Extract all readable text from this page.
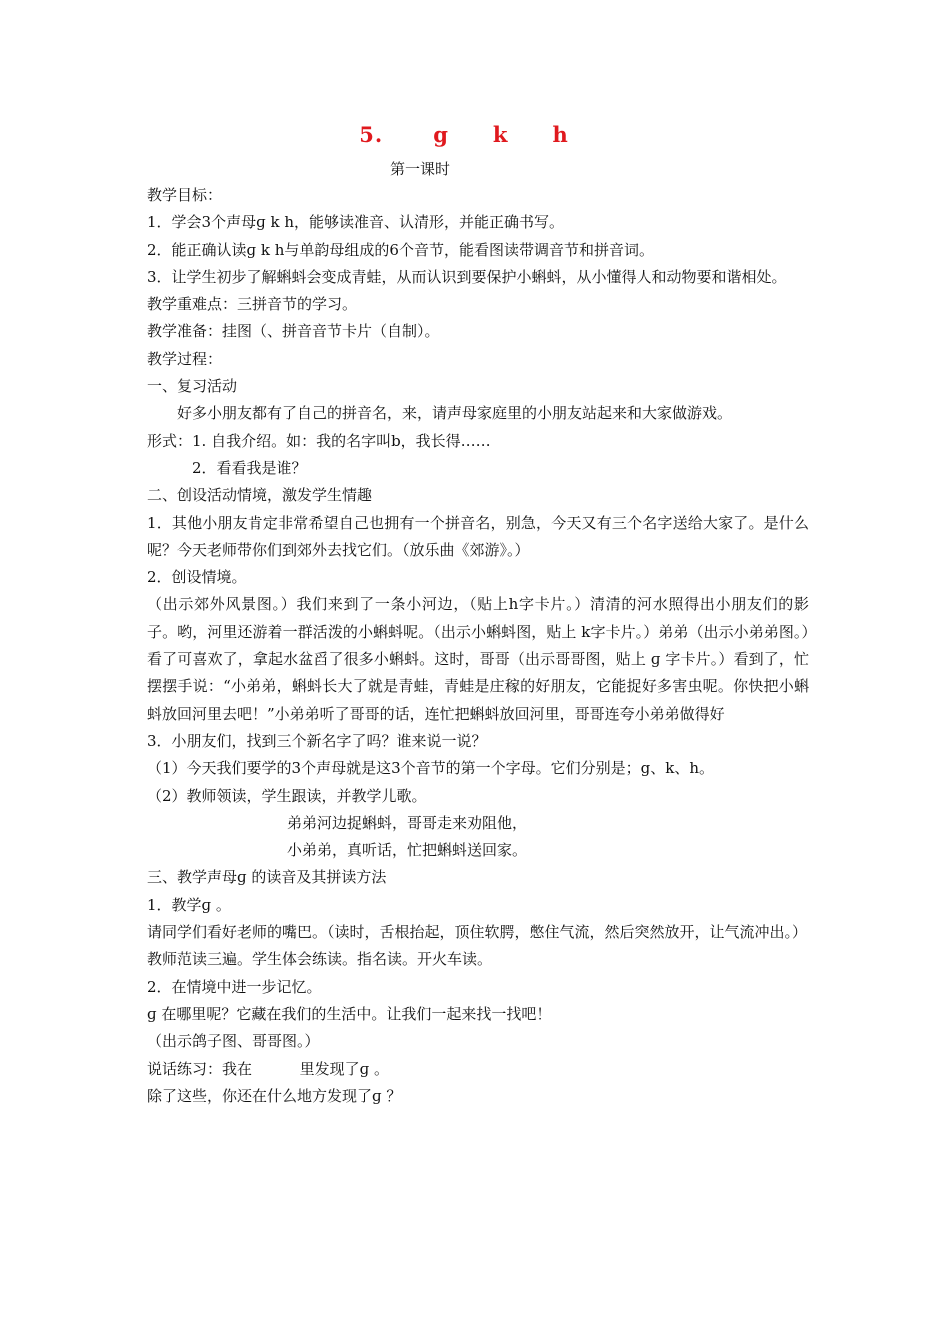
5. g k h
第一课时
教学目标：
1．学会3个声母ɡ k h，能够读准音、认清形，并能正确书写。
2．能正确认读ɡ k h与单韵母组成的6个音节，能看图读带调音节和拼音词。
3．让学生初步了解蝌蚪会变成青蛙，从而认识到要保护小蝌蚪，从小懂得人和动物要和谐相处。
教学重难点：三拼音节的学习。
教学准备：挂图（、拼音音节卡片（自制）。
教学过程：
一、复习活动
好多小朋友都有了自己的拼音名，来，请声母家庭里的小朋友站起来和大家做游戏。
形式：1. 自我介绍。如：我的名字叫b，我长得……
2．看看我是谁？
二、创设活动情境，激发学生情趣
1．其他小朋友肯定非常希望自己也拥有一个拼音名，别急，今天又有三个名字送给大家了。是什么呢？今天老师带你们到郊外去找它们。（放乐曲《郊游》。）
2．创设情境。
（出示郊外风景图。）我们来到了一条小河边，（贴上h字卡片。）清清的河水照得出小朋友们的影子。哟，河里还游着一群活泼的小蝌蚪呢。（出示小蝌蚪图，贴上 k字卡片。）弟弟（出示小弟弟图。）看了可喜欢了，拿起水盆舀了很多小蝌蚪。这时，哥哥（出示哥哥图，贴上 ɡ 字卡片。）看到了，忙摆摆手说：“小弟弟，蝌蚪长大了就是青蛙，青蛙是庄稼的好朋友，它能捉好多害虫呢。你快把小蝌蚪放回河里去吧！”小弟弟听了哥哥的话，连忙把蝌蚪放回河里，哥哥连夸小弟弟做得好
3．小朋友们，找到三个新名字了吗？谁来说一说？
（1）今天我们要学的3个声母就是这3个音节的第一个字母。它们分别是；g、k、h。
（2）教师领读，学生跟读，并教学儿歌。
弟弟河边捉蝌蚪，哥哥走来劝阻他，
小弟弟，真听话，忙把蝌蚪送回家。
三、教学声母ɡ 的读音及其拼读方法
1．教学ɡ 。
请同学们看好老师的嘴巴。（读时，舌根抬起，顶住软腭，憋住气流，然后突然放开，让气流冲出。）
教师范读三遍。学生体会练读。指名读。开火车读。
2．在情境中进一步记忆。
ɡ 在哪里呢？它藏在我们的生活中。让我们一起来找一找吧！
（出示鸽子图、哥哥图。）
说话练习：我在          里发现了ɡ 。
除了这些，你还在什么地方发现了ɡ ？
